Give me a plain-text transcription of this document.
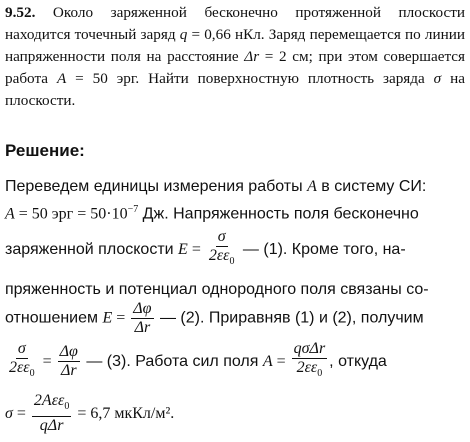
9.52. Около заряженной бесконечно протяженной плоскости находится точечный заряд q = 0,66 нКл. Заряд перемещается по линии напряженности поля на расстояние Δr = 2 см; при этом совершается работа A = 50 эрг. Найти поверхностную плотность заряда σ на плоскости.
Решение:
Переведем единицы измерения работы A в систему СИ:
A = 50 эрг = $50\cdot 10^{-7}$ Дж. Напряженность поля бесконечно
заряженной плоскости $E = \frac{\sigma}{2\varepsilon\varepsilon_0}$ — (1). Кроме того, на-
пряженность и потенциал однородного поля связаны со-
отношением $E = \frac{\Delta\varphi}{\Delta r}$ — (2). Приравняв (1) и (2), получим
$\frac{\sigma}{2\varepsilon\varepsilon_0} = \frac{\Delta\varphi}{\Delta r}$ — (3). Работа сил поля $A = \frac{\text{qσΔr}}{2\varepsilon\varepsilon_0}$ , откуда
$\sigma = \frac{2A\varepsilon\varepsilon_0}{\text{qΔr}} = 6,7$ мкКл/м².
